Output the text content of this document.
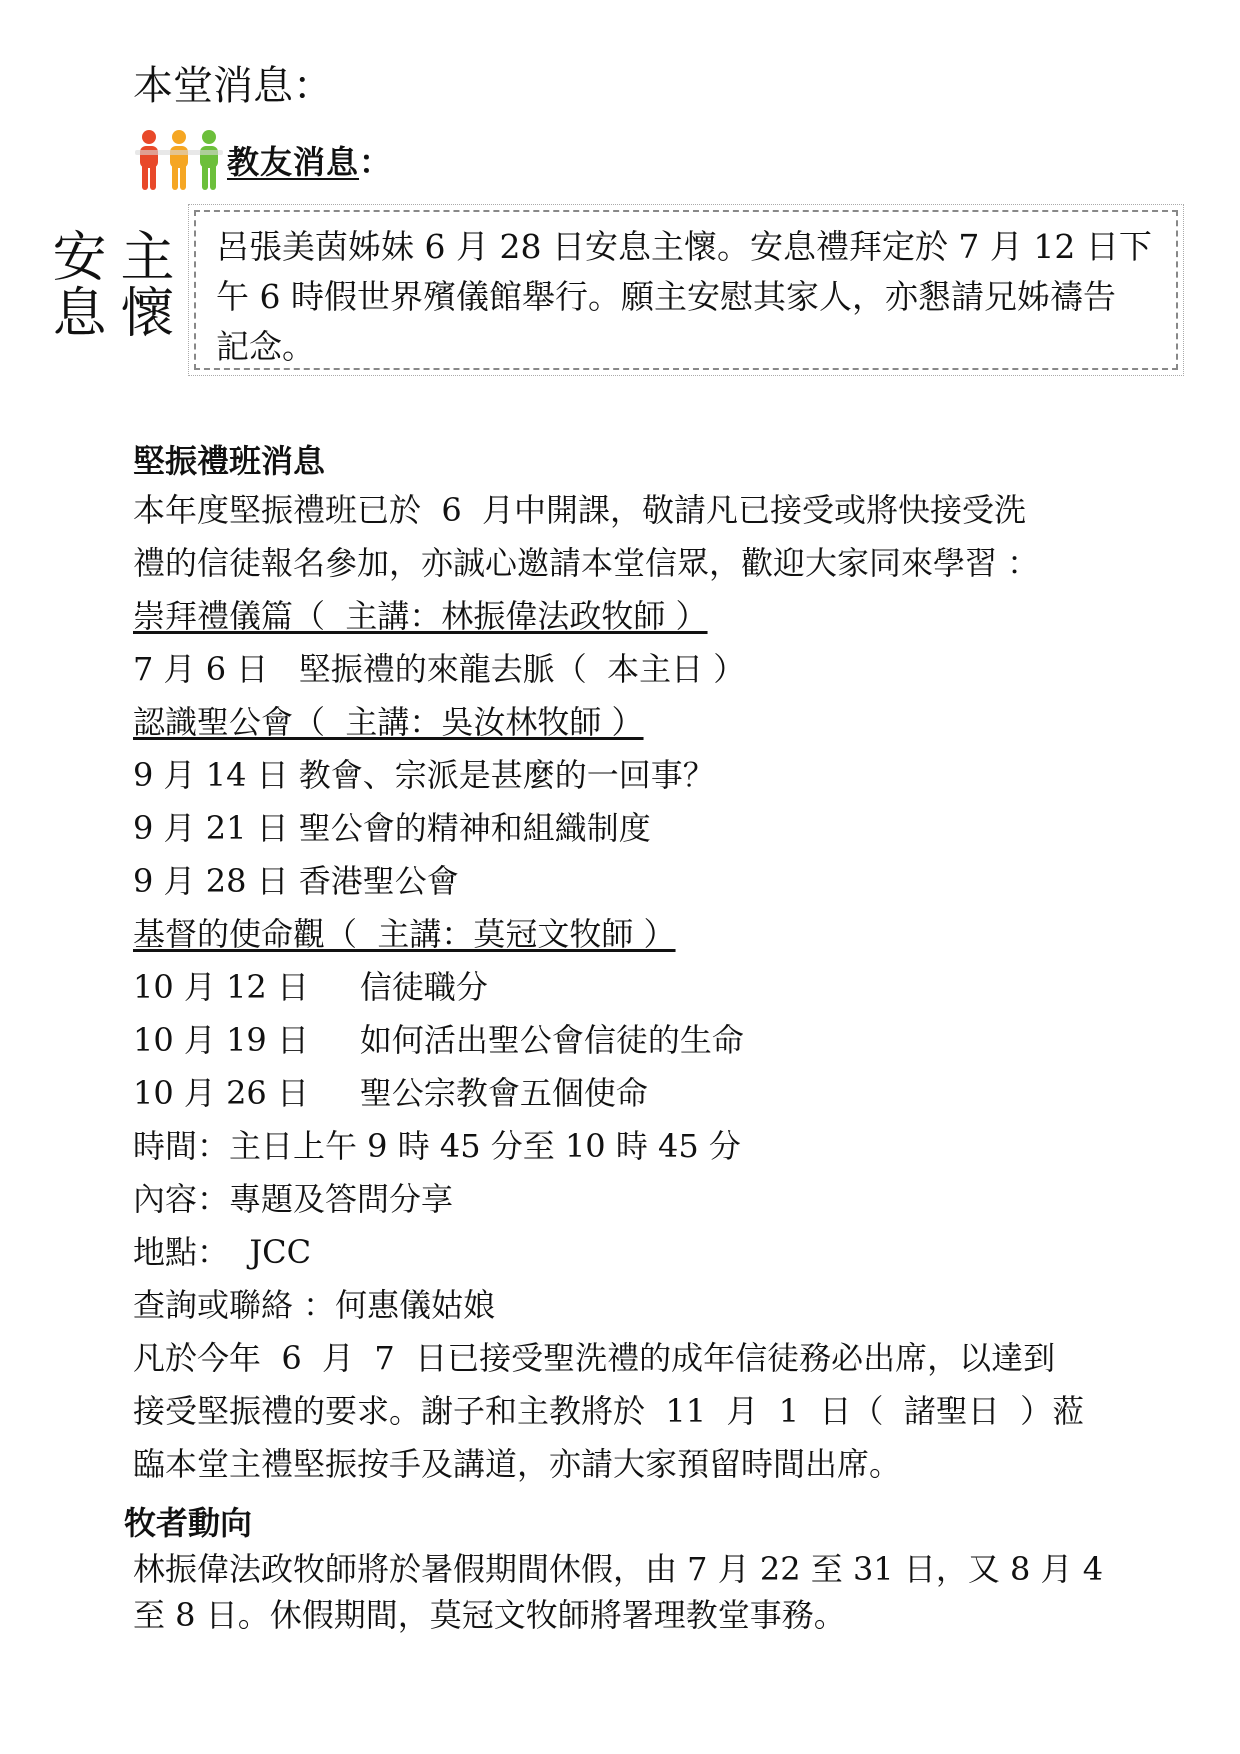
本堂消息：
教友消息：
主懷
安息	呂張美茵姊妹 6 月 28 日安息主懷。安息禮拜定於 7 月 12 日下
午 6 時假世界殯儀館舉行。願主安慰其家人，亦懇請兄姊禱告
記念。
堅振禮班消息
本年度堅振禮班已於  6  月中開課，敬請凡已接受或將快接受洗
禮的信徒報名參加，亦誠心邀請本堂信眾，歡迎大家同來學習 ：
崇拜禮儀篇（  主講：林振偉法政牧師 ）
7 月 6 日   堅振禮的來龍去脈（  本主日 ）
認識聖公會（  主講：吳汝林牧師 ）
9 月 14 日 教會、宗派是甚麼的一回事？
9 月 21 日 聖公會的精神和組織制度
9 月 28 日 香港聖公會
基督的使命觀（  主講：莫冠文牧師 ）
10 月 12 日     信徒職分
10 月 19 日     如何活出聖公會信徒的生命
10 月 26 日     聖公宗教會五個使命
時間：主日上午 9 時 45 分至 10 時 45 分
內容：專題及答問分享
地點：  JCC
查詢或聯絡 ：何惠儀姑娘
凡於今年  6  月  7  日已接受聖洗禮的成年信徒務必出席，以達到
接受堅振禮的要求。謝子和主教將於  11  月  1  日（  諸聖日  ）蒞
臨本堂主禮堅振按手及講道，亦請大家預留時間出席。
牧者動向
林振偉法政牧師將於暑假期間休假，由 7 月 22 至 31 日，又 8 月 4
至 8 日。休假期間，莫冠文牧師將署理教堂事務。
